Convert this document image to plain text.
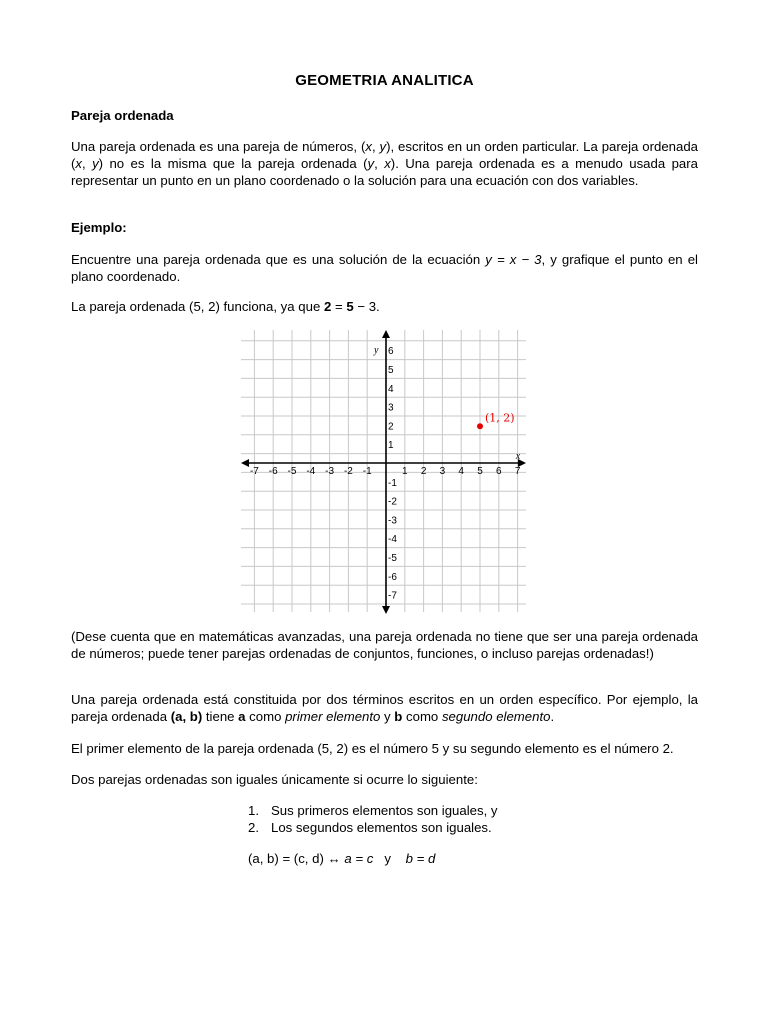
GEOMETRIA ANALITICA
Pareja ordenada
Una pareja ordenada es una pareja de números, (x, y), escritos en un orden particular. La pareja ordenada (x, y) no es la misma que la pareja ordenada (y, x). Una pareja ordenada es a menudo usada para representar un punto en un plano coordenado o la solución para una ecuación con dos variables.
Ejemplo:
Encuentre una pareja ordenada que es una solución de la ecuación y = x − 3, y grafique el punto en el plano coordenado.
La pareja ordenada (5, 2) funciona, ya que 2 = 5 − 3.
(Dese cuenta que en matemáticas avanzadas, una pareja ordenada no tiene que ser una pareja ordenada de números; puede tener parejas ordenadas de conjuntos, funciones, o incluso parejas ordenadas!)
Una pareja ordenada está constituida por dos términos escritos en un orden específico. Por ejemplo, la pareja ordenada (a, b) tiene a como primer elemento y b como segundo elemento.
El primer elemento de la pareja ordenada (5, 2) es el número 5 y su segundo elemento es el número 2.
Dos parejas ordenadas son iguales únicamente si ocurre lo siguiente:
1. Sus primeros elementos son iguales, y
2. Los segundos elementos son iguales.
(a, b) = (c, d) ↔ a = c   y    b = d
-7 -6 -5 -4 -3 -2 -1	1 2 3 4 5 6 7
6
5
4
3
2
1
-1
-2
-3
-4
-5
-6
-7
x
y
(1, 2)
